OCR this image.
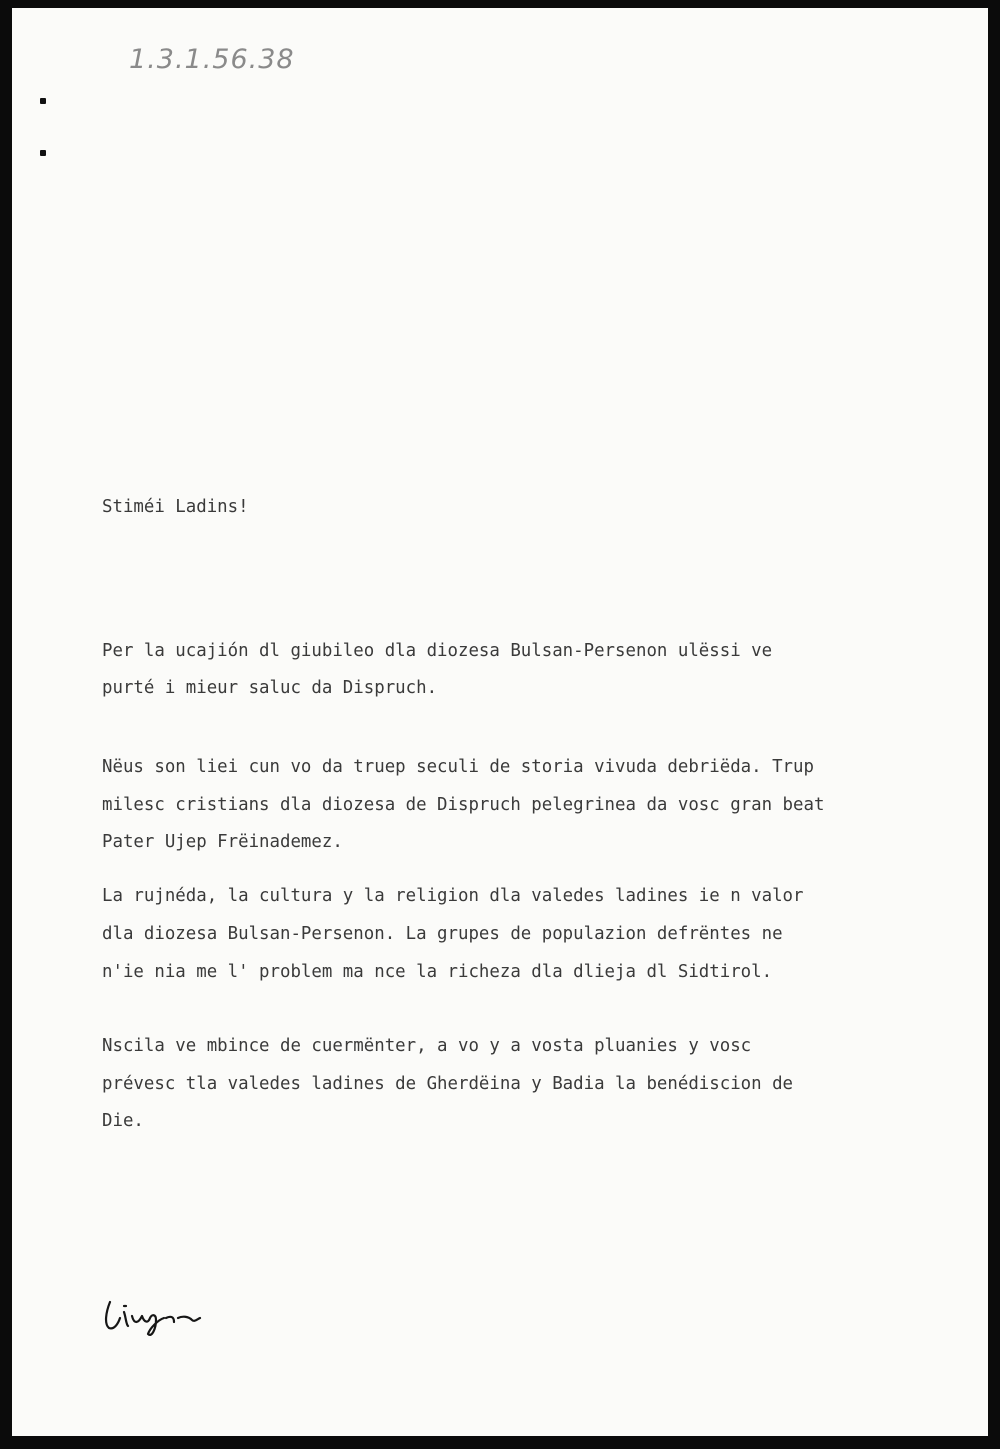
1.3.1.56.38
Stiméi Ladins!
Per la ucajión dl giubileo dla diozesa Bulsan-Persenon ulëssi ve
purté i mieur saluc da Dispruch.
Nëus son liei cun vo da truep seculi de storia vivuda debriëda. Trup
milesc cristians dla diozesa de Dispruch pelegrinea da vosc gran beat
Pater Ujep Frëinademez.
La rujnéda, la cultura y la religion dla valedes ladines ie n valor
dla diozesa Bulsan-Persenon. La grupes de populazion defrëntes ne
n'ie nia me l' problem ma nce la richeza dla dlieja dl Sidtirol.
Nscila ve mbince de cuermënter, a vo y a vosta pluanies y vosc
prévesc tla valedes ladines de Gherdëina y Badia la benédiscion de
Die.
